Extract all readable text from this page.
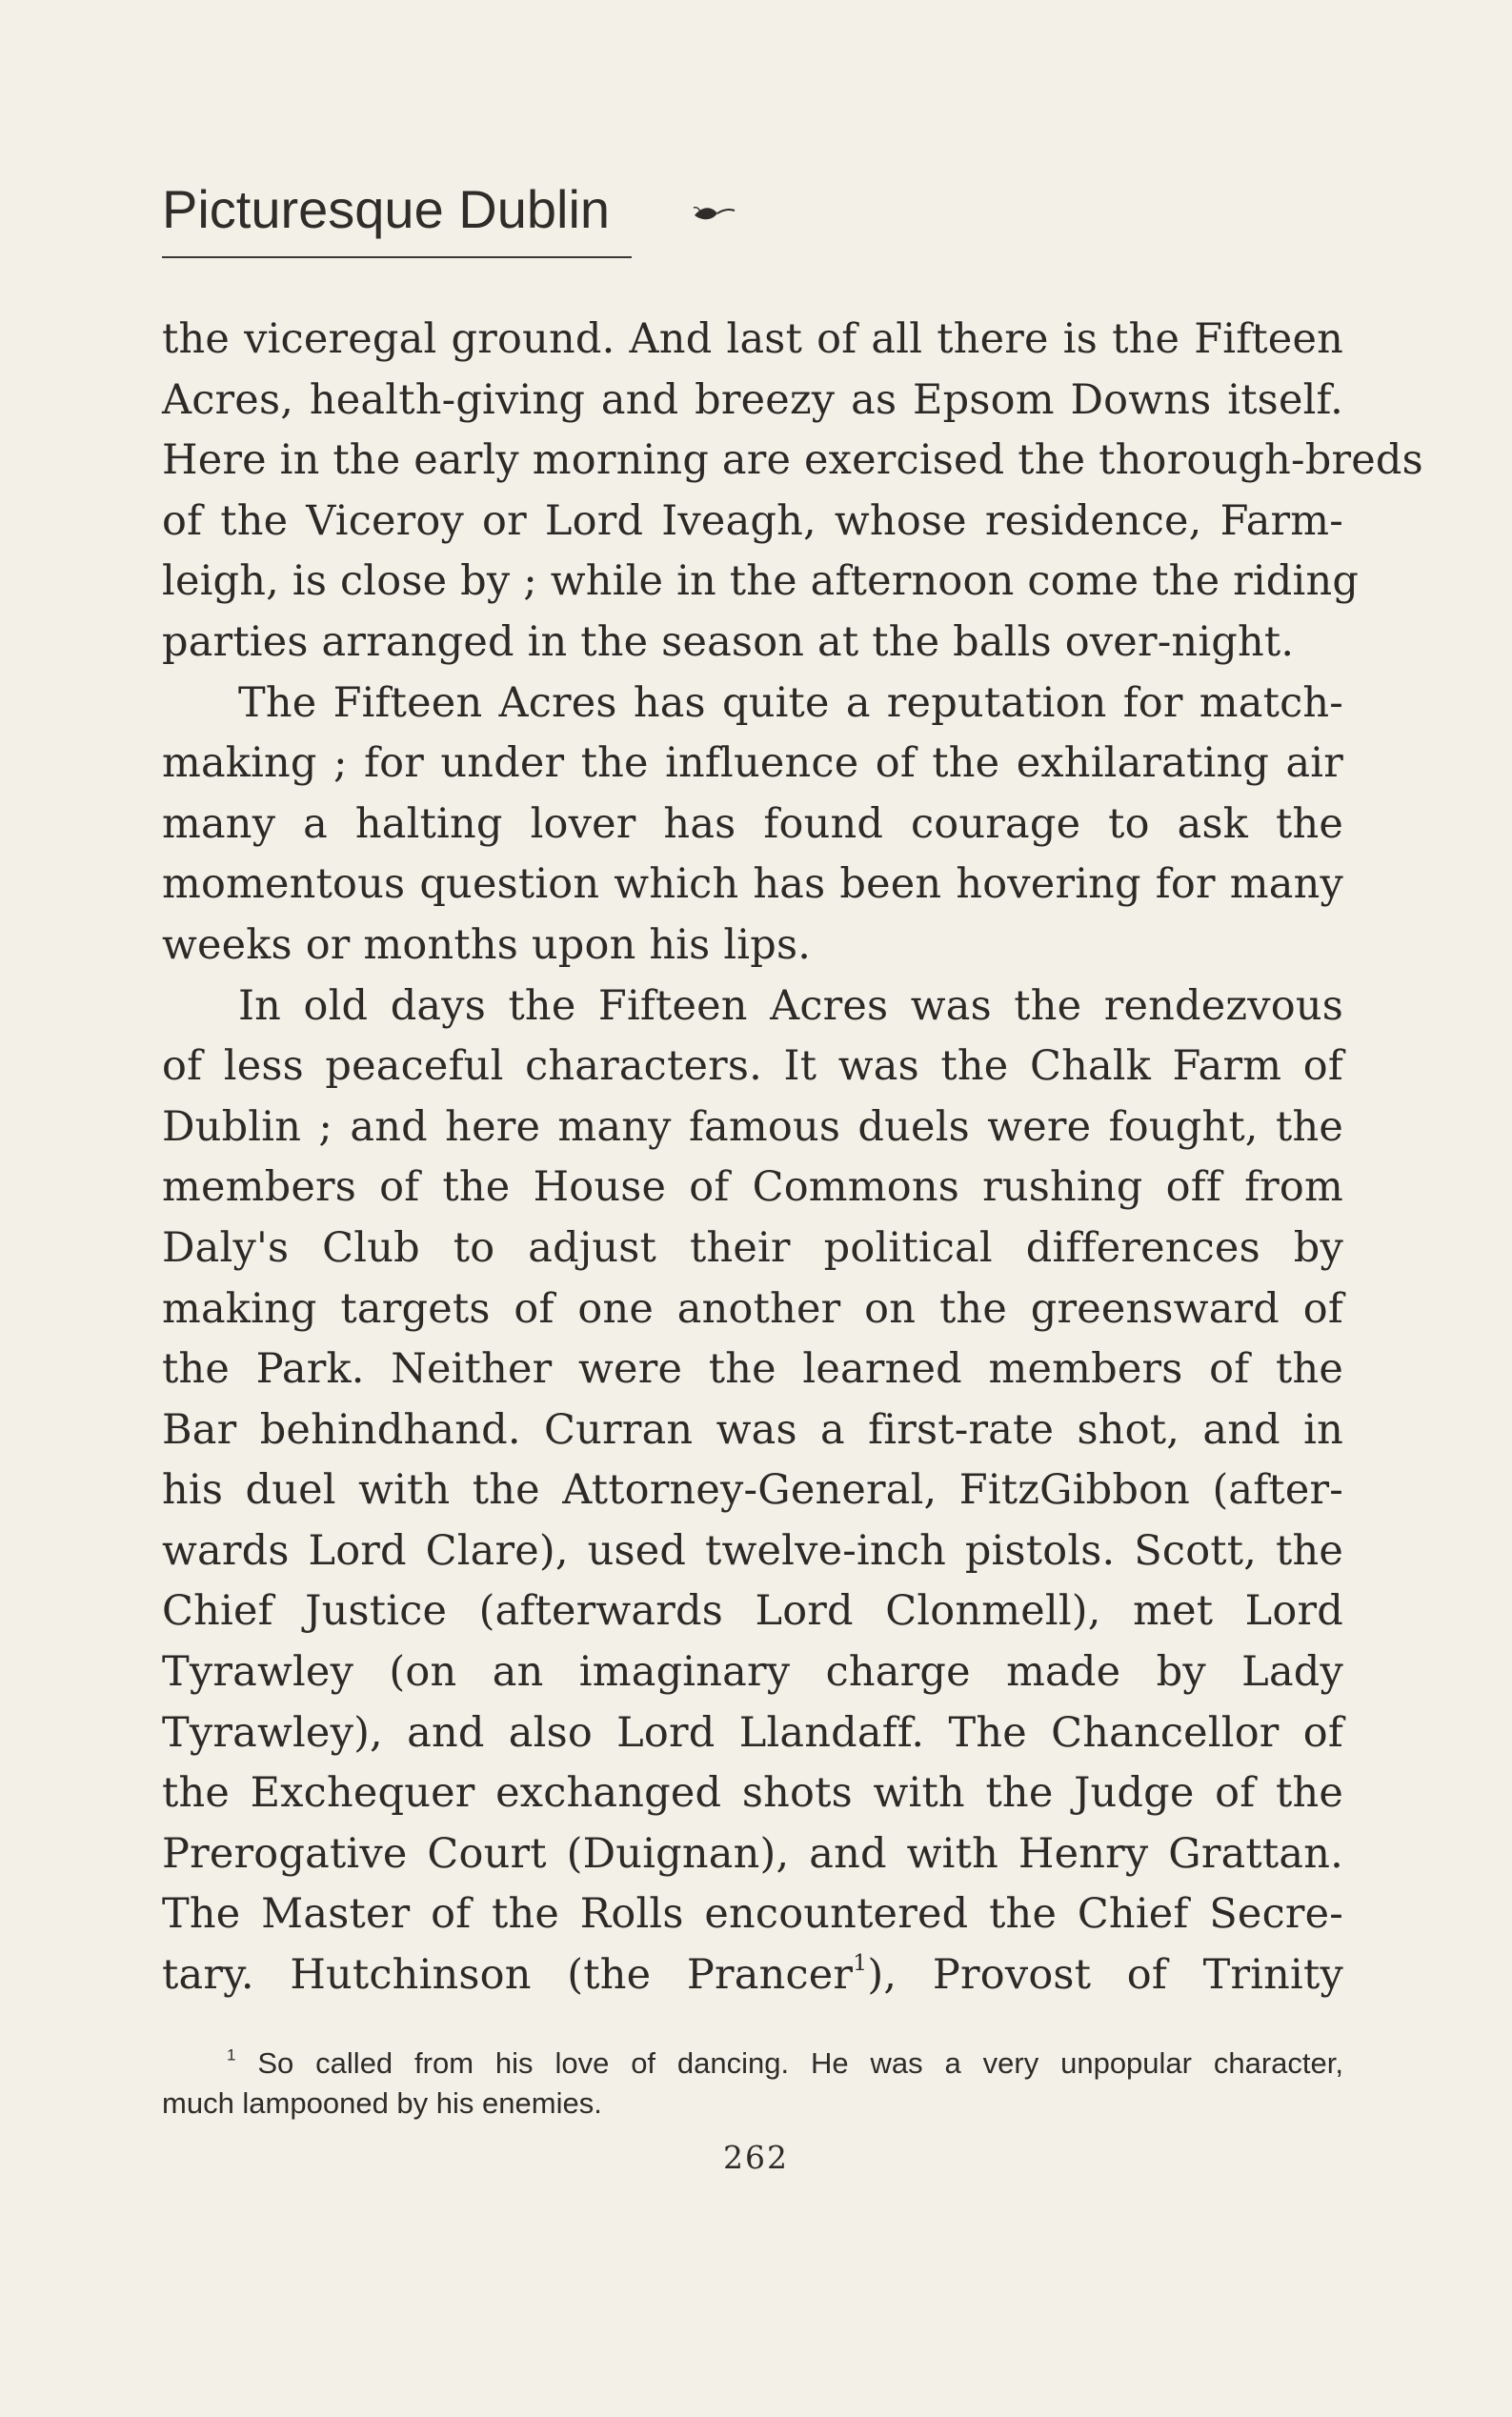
Picturesque Dublin
the viceregal ground. And last of all there is the Fifteen
Acres, health-giving and breezy as Epsom Downs itself.
Here in the early morning are exercised the thorough-breds
of the Viceroy or Lord Iveagh, whose residence, Farm-
leigh, is close by ; while in the afternoon come the riding
parties arranged in the season at the balls over-night.
The Fifteen Acres has quite a reputation for match-
making ; for under the influence of the exhilarating air
many a halting lover has found courage to ask the
momentous question which has been hovering for many
weeks or months upon his lips.
In old days the Fifteen Acres was the rendezvous
of less peaceful characters. It was the Chalk Farm of
Dublin ; and here many famous duels were fought, the
members of the House of Commons rushing off from
Daly's Club to adjust their political differences by
making targets of one another on the greensward of
the Park. Neither were the learned members of the
Bar behindhand. Curran was a first-rate shot, and in
his duel with the Attorney-General, FitzGibbon (after-
wards Lord Clare), used twelve-inch pistols. Scott, the
Chief Justice (afterwards Lord Clonmell), met Lord
Tyrawley (on an imaginary charge made by Lady
Tyrawley), and also Lord Llandaff. The Chancellor of
the Exchequer exchanged shots with the Judge of the
Prerogative Court (Duignan), and with Henry Grattan.
The Master of the Rolls encountered the Chief Secre-
tary. Hutchinson (the Prancer$^1$), Provost of Trinity
$^1$ So called from his love of dancing. He was a very unpopular character,
much lampooned by his enemies.
262
